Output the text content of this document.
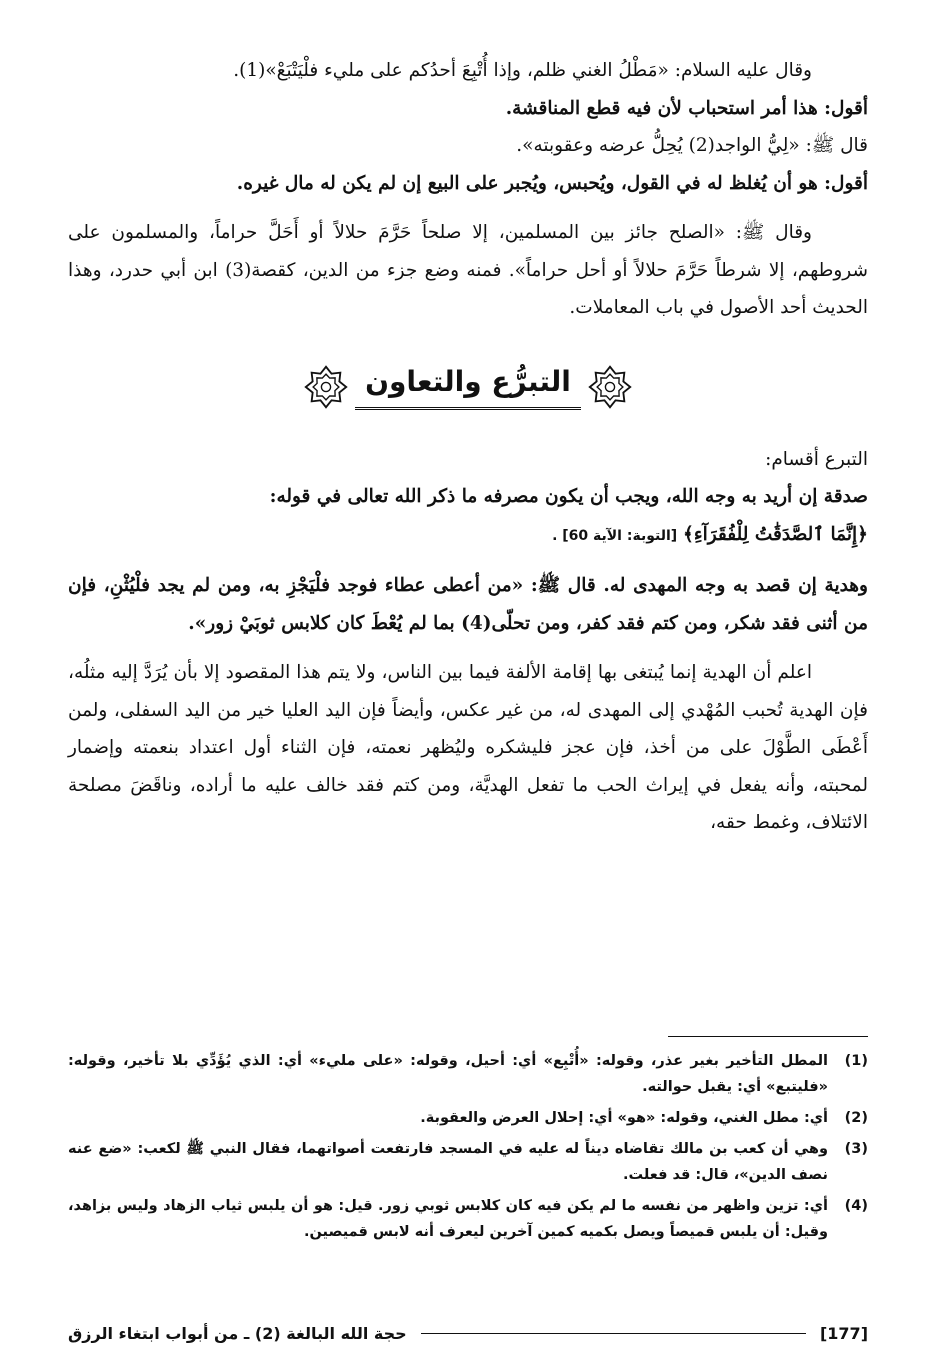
وقال عليه السلام: «مَطْلُ الغني ظلم، وإذا أُتْبِعَ أحدُكم على مليء فلْيَتْبَعْ»(1).

أقول: هذا أمر استحباب لأن فيه قطع المناقشة.

قال ﷺ: «لِيُّ الواجد(2) يُحِلُّ عرضه وعقوبته».

أقول: هو أن يُغلظ له في القول، ويُحبس، ويُجبر على البيع إن لم يكن له مال غيره.

وقال ﷺ: «الصلح جائز بين المسلمين، إلا صلحاً حَرَّمَ حلالاً أو أَحَلَّ حراماً، والمسلمون على شروطهم، إلا شرطاً حَرَّمَ حلالاً أو أحل حراماً». فمنه وضع جزء من الدين، كقصة(3) ابن أبي حدرد، وهذا الحديث أحد الأصول في باب المعاملات.

التبرُّع والتعاون

التبرع أقسام:

صدقة إن أريد به وجه الله، ويجب أن يكون مصرفه ما ذكر الله تعالى في قوله:

﴿إِنَّمَا ٱلصَّدَقَٰتُ لِلْفُقَرَآءِ﴾ [التوبة: الآية 60] .

وهدية إن قصد به وجه المهدى له. قال ﷺ: «من أعطى عطاء فوجد فلْيَجْزِ به، ومن لم يجد فلْيُثْنِ، فإن من أثنى فقد شكر، ومن كتم فقد كفر، ومن تحلّى(4) بما لم يُعْطَ كان كلابس ثوبَيْ زور».

اعلم أن الهدية إنما يُبتغى بها إقامة الألفة فيما بين الناس، ولا يتم هذا المقصود إلا بأن يُرَدَّ إليه مثلُه، فإن الهدية تُحبب المُهْدي إلى المهدى له، من غير عكس، وأيضاً فإن اليد العليا خير من اليد السفلى، ولمن أَعْطَى الطَّوْلَ على من أخذ، فإن عجز فليشكره وليُظهر نعمته، فإن الثناء أول اعتداد بنعمته وإضمار لمحبته، وأنه يفعل في إيراث الحب ما تفعل الهديَّة، ومن كتم فقد خالف عليه ما أراده، وناقَضَ مصلحة الائتلاف، وغمط حقه،

(1)
المطل التأخير بغير عذر، وقوله: «أُتْبِع» أي: أحيل، وقوله: «على مليء» أي: الذي يُؤَدِّي بلا تأخير، وقوله: «فليتبع» أي: يقبل حوالته.
(2)
أي: مطل الغني، وقوله: «هو» أي: إحلال العرض والعقوبة.
(3)
وهي أن كعب بن مالك تقاضاه ديناً له عليه في المسجد فارتفعت أصواتهما، فقال النبي ﷺ لكعب: «ضع عنه نصف الدين»، قال: قد فعلت.
(4)
أي: تزين واظهر من نفسه ما لم يكن فيه كان كلابس ثوبي زور. قيل: هو أن يلبس ثياب الزهاد وليس بزاهد، وقيل: أن يلبس قميصاً ويصل بكميه كمين آخرين ليعرف أنه لابس قميصين.
[177]
حجة الله البالغة (2) ـ من أبواب ابتغاء الرزق
